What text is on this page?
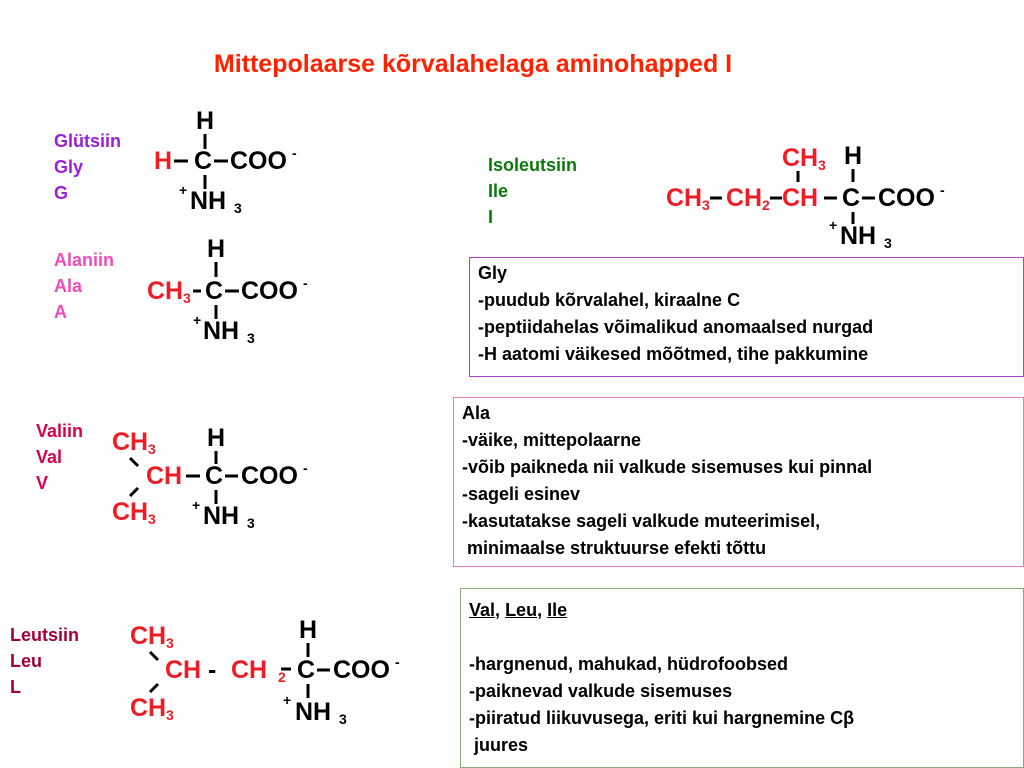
Mittepolaarse kõrvalahelaga aminohapped I
Glütsiin
Gly
G
H
H C COO -
+ NH 3
Alaniin
Ala
A
H
CH 3 C COO -
+ NH 3
Valiin
Val
V
CH 3
CH 3
CH
H
C COO -
+ NH 3
Leutsiin
Leu
L
CH 3
CH 3
CH - CH 2
H
C COO -
+ NH 3
Isoleutsiin
Ile
I
CH 3 H
CH 3 CH 2 CH C COO -
+ NH 3
Gly
-puudub kõrvalahel, kiraalne C
-peptiidahelas võimalikud anomaalsed nurgad
-H aatomi väikesed mõõtmed, tihe pakkumine
Ala
-väike, mittepolaarne
-võib paikneda nii valkude sisemuses kui pinnal
-sageli esinev
-kasutatakse sageli valkude muteerimisel,
minimaalse struktuurse efekti tõttu
Val, Leu, Ile
-hargnenud, mahukad, hüdrofoobsed
-paiknevad valkude sisemuses
-piiratud liikuvusega, eriti kui hargnemine Cβ
juures
